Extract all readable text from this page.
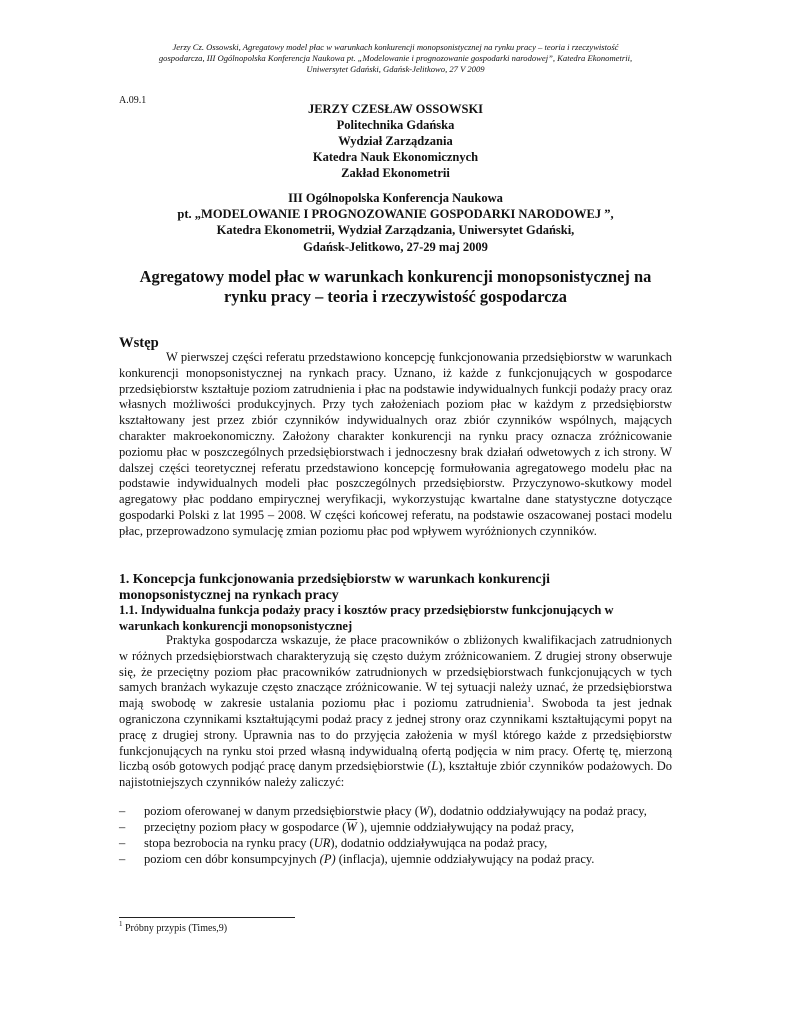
Jerzy Cz. Ossowski, Agregatowy model płac w warunkach konkurencji monopsonistycznej na rynku pracy – teoria i rzeczywistość
gospodarcza, III Ogólnopolska Konferencja Naukowa pt. „Modelowanie i prognozowanie gospodarki narodowej”, Katedra Ekonometrii,
Uniwersytet Gdański, Gdańsk-Jelitkowo, 27 V 2009
A.09.1
JERZY CZESŁAW OSSOWSKI
Politechnika Gdańska
Wydział Zarządzania
Katedra Nauk Ekonomicznych
Zakład Ekonometrii
III Ogólnopolska Konferencja Naukowa
pt. „MODELOWANIE I PROGNOZOWANIE GOSPODARKI NARODOWEJ ”,
Katedra Ekonometrii, Wydział Zarządzania, Uniwersytet Gdański,
Gdańsk-Jelitkowo, 27-29 maj 2009
Agregatowy model płac w warunkach konkurencji monopsonistycznej na
rynku pracy – teoria i rzeczywistość gospodarcza
Wstęp
W pierwszej części referatu przedstawiono koncepcję funkcjonowania przedsiębiorstw w warunkach konkurencji monopsonistycznej na rynkach pracy. Uznano, iż każde z funkcjonujących w gospodarce przedsiębiorstw kształtuje poziom zatrudnienia i płac na podstawie indywidualnych funkcji podaży pracy oraz własnych możliwości produkcyjnych. Przy tych założeniach poziom płac w każdym z przedsiębiorstw kształtowany jest przez zbiór czynników indywidualnych oraz zbiór czynników wspólnych, mających charakter makroekonomiczny. Założony charakter konkurencji na rynku pracy oznacza zróżnicowanie poziomu płac w poszczególnych przedsiębiorstwach i jednoczesny brak działań odwetowych z ich strony. W dalszej części teoretycznej referatu przedstawiono koncepcję formułowania agregatowego modelu płac na podstawie indywidualnych modeli płac poszczególnych przedsiębiorstw. Przyczynowo-skutkowy model agregatowy płac poddano empirycznej weryfikacji, wykorzystując kwartalne dane statystyczne dotyczące gospodarki Polski z lat 1995 – 2008. W części końcowej referatu, na podstawie oszacowanej postaci modelu płac, przeprowadzono symulację zmian poziomu płac pod wpływem wyróżnionych czynników.
1. Koncepcja funkcjonowania przedsiębiorstw w warunkach konkurencji
monopsonistycznej na rynkach pracy
1.1. Indywidualna funkcja podaży pracy i kosztów pracy przedsiębiorstw funkcjonujących w
warunkach konkurencji monopsonistycznej
Praktyka gospodarcza wskazuje, że płace pracowników o zbliżonych kwalifikacjach zatrudnionych w różnych przedsiębiorstwach charakteryzują się często dużym zróżnicowaniem. Z drugiej strony obserwuje się, że przeciętny poziom płac pracowników zatrudnionych w przedsiębiorstwach funkcjonujących w tych samych branżach wykazuje często znaczące zróżnicowanie. W tej sytuacji należy uznać, że przedsiębiorstwa mają swobodę w zakresie ustalania poziomu płac i poziomu zatrudnienia$^1$. Swoboda ta jest jednak ograniczona czynnikami kształtującymi podaż pracy z jednej strony oraz czynnikami kształtującymi popyt na pracę z drugiej strony. Uprawnia nas to do przyjęcia założenia w myśl którego każde z przedsiębiorstw funkcjonujących na rynku stoi przed własną indywidualną ofertą podjęcia w nim pracy. Ofertę tę, mierzoną liczbą osób gotowych podjąć pracę danym przedsiębiorstwie (L), kształtuje zbiór czynników podażowych. Do najistotniejszych czynników należy zaliczyć:
– poziom oferowanej w danym przedsiębiorstwie płacy (W), dodatnio oddziaływujący na podaż pracy,
– przeciętny poziom płacy w gospodarce ($\overline{W}$ ), ujemnie oddziaływujący na podaż pracy,
– stopa bezrobocia na rynku pracy (UR), dodatnio oddziaływująca na podaż pracy,
– poziom cen dóbr konsumpcyjnych (P) (inflacja), ujemnie oddziaływujący na podaż pracy.
$^1$ Próbny przypis (Times,9)
